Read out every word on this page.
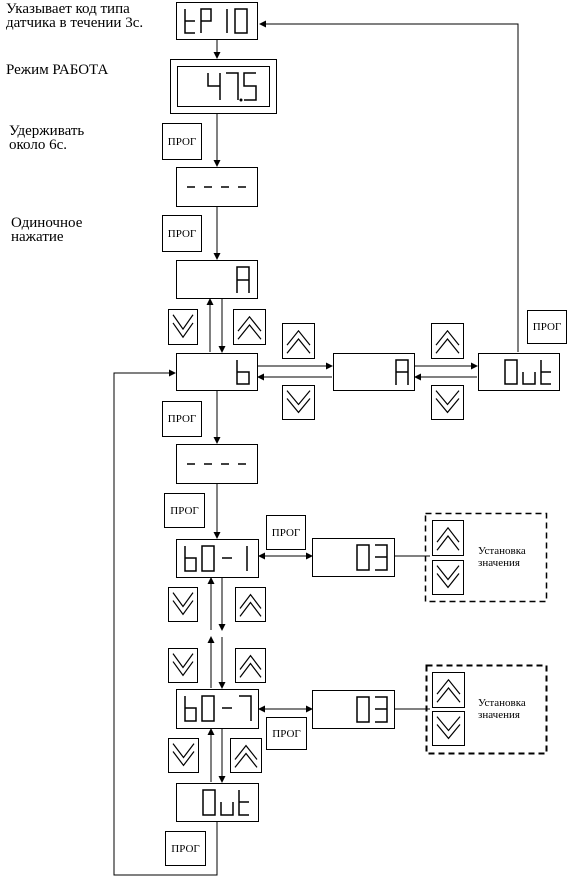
Указывает код типа
датчика в течении 3с.
Режим РАБОТА
Удерживать
около 6с.
Одиночное
нажатие
Установка
значения
Установка
значения
ПРОГ
ПРОГ
ПРОГ
ПРОГ
ПРОГ
ПРОГ
ПРОГ
ПРОГ
